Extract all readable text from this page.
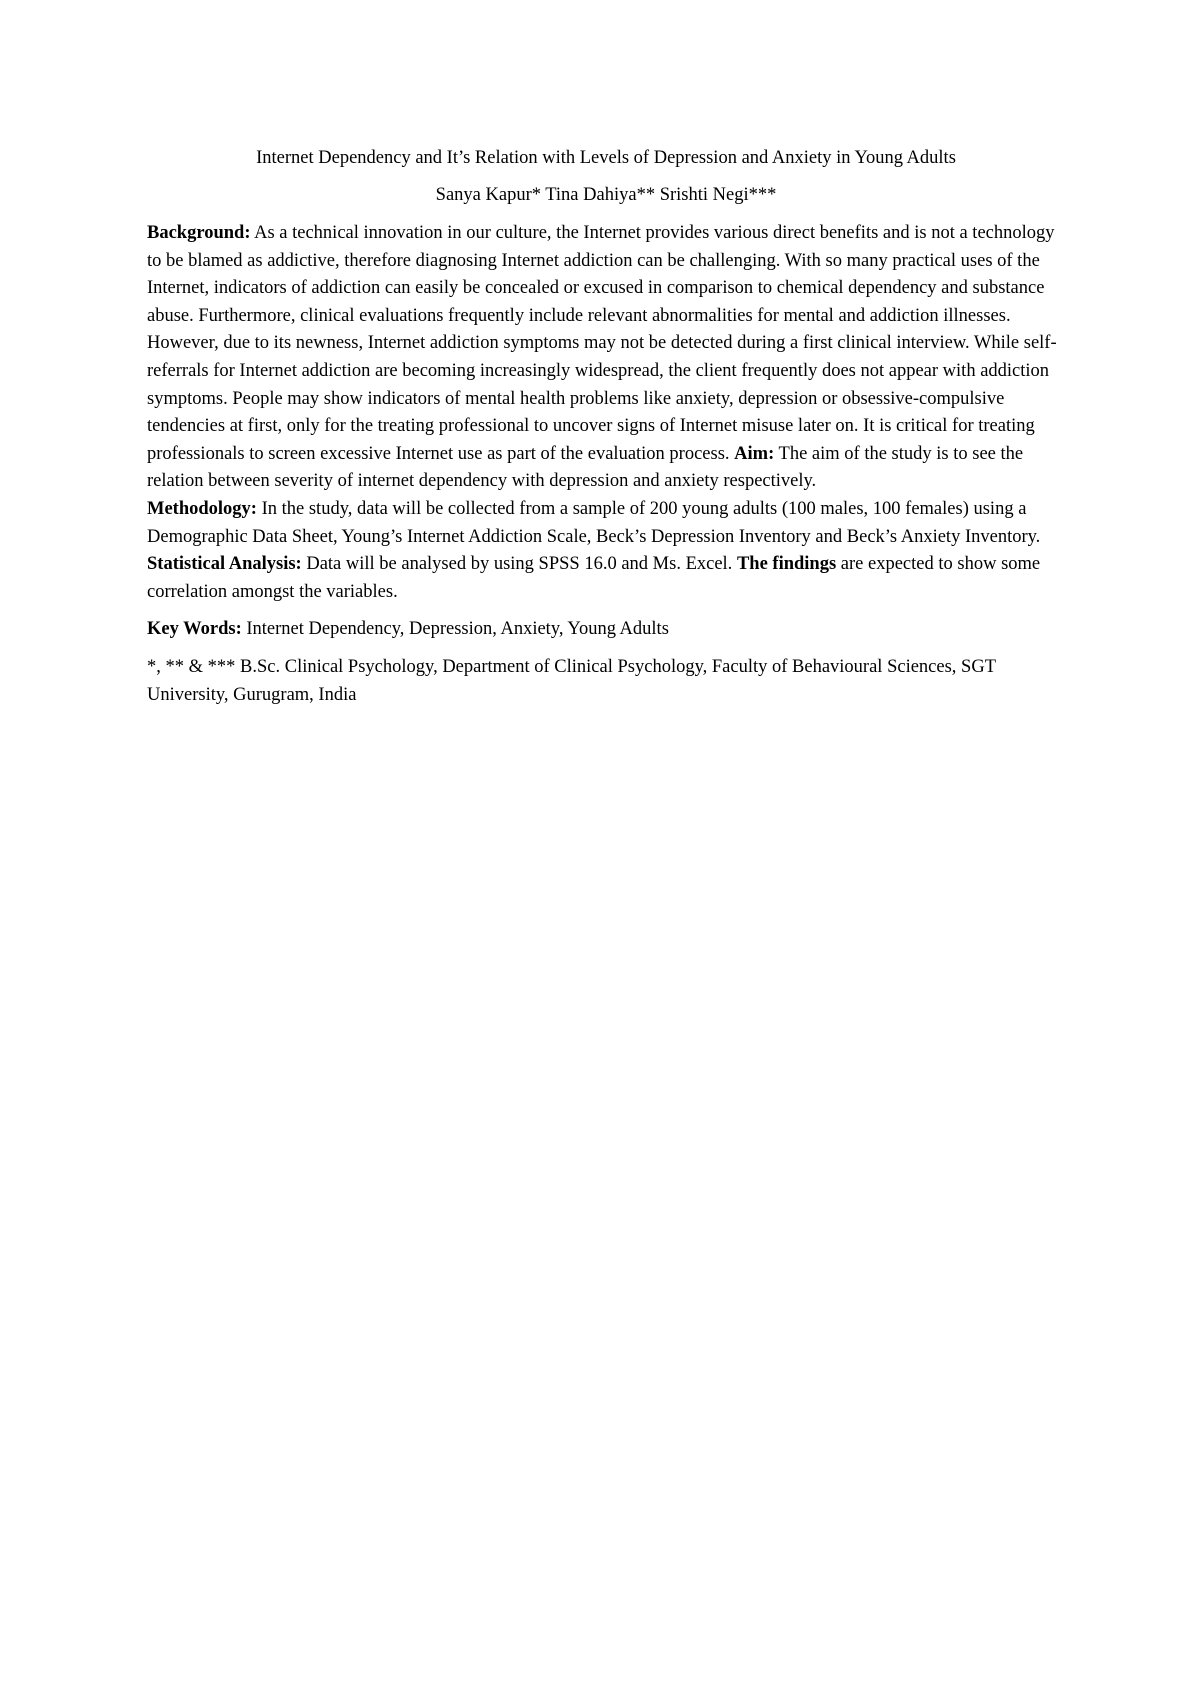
Internet Dependency and It’s Relation with Levels of Depression and Anxiety in Young Adults

Sanya Kapur* Tina Dahiya** Srishti Negi***

Background: As a technical innovation in our culture, the Internet provides various direct benefits and is not a technology to be blamed as addictive, therefore diagnosing Internet addiction can be challenging. With so many practical uses of the Internet, indicators of addiction can easily be concealed or excused in comparison to chemical dependency and substance abuse. Furthermore, clinical evaluations frequently include relevant abnormalities for mental and addiction illnesses. However, due to its newness, Internet addiction symptoms may not be detected during a first clinical interview. While self-referrals for Internet addiction are becoming increasingly widespread, the client frequently does not appear with addiction symptoms. People may show indicators of mental health problems like anxiety, depression or obsessive-compulsive tendencies at first, only for the treating professional to uncover signs of Internet misuse later on. It is critical for treating professionals to screen excessive Internet use as part of the evaluation process. Aim: The aim of the study is to see the relation between severity of internet dependency with depression and anxiety respectively.
Methodology: In the study, data will be collected from a sample of 200 young adults (100 males, 100 females) using a Demographic Data Sheet, Young’s Internet Addiction Scale, Beck’s Depression Inventory and Beck’s Anxiety Inventory. Statistical Analysis: Data will be analysed by using SPSS 16.0 and Ms. Excel. The findings are expected to show some correlation amongst the variables.

Key Words: Internet Dependency, Depression, Anxiety, Young Adults

*, ** & *** B.Sc. Clinical Psychology, Department of Clinical Psychology, Faculty of Behavioural Sciences, SGT University, Gurugram, India
